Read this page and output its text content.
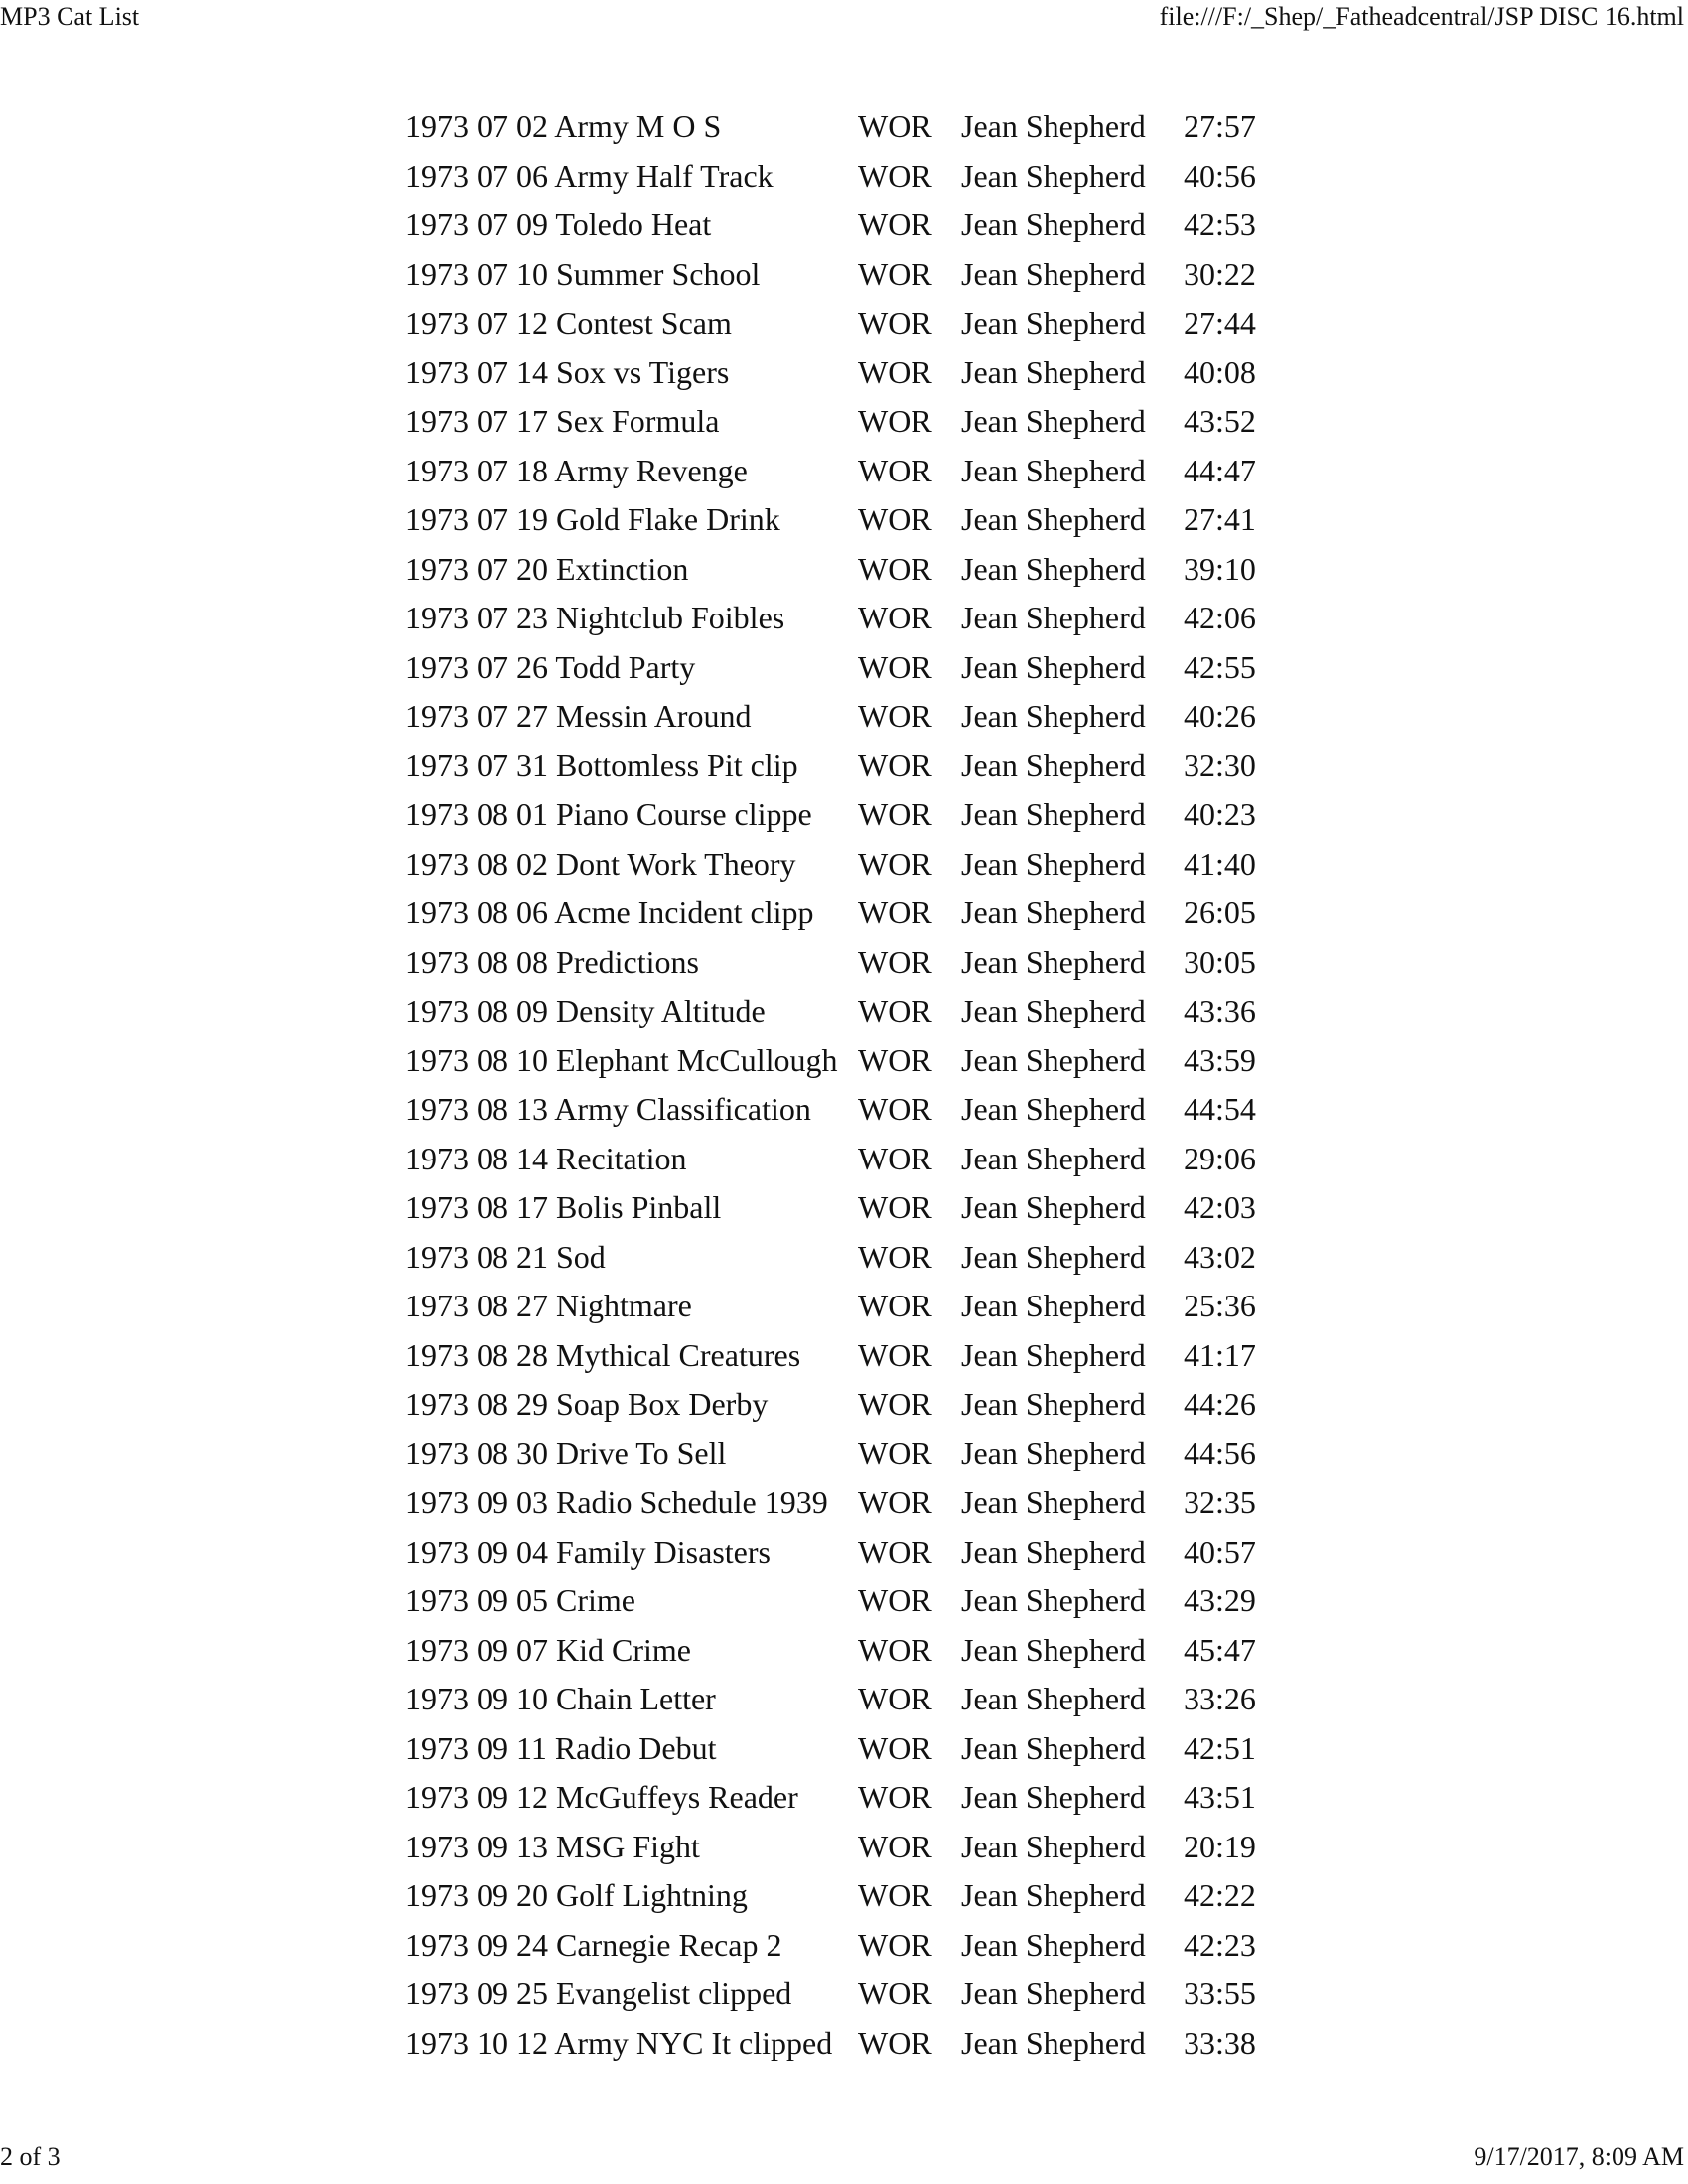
MP3 Cat List	file:///F:/_Shep/_Fatheadcentral/JSP DISC 16.html
1973 07 02 Army M O S	WOR	Jean Shepherd	27:57
1973 07 06 Army Half Track	WOR	Jean Shepherd	40:56
1973 07 09 Toledo Heat	WOR	Jean Shepherd	42:53
1973 07 10 Summer School	WOR	Jean Shepherd	30:22
1973 07 12 Contest Scam	WOR	Jean Shepherd	27:44
1973 07 14 Sox vs Tigers	WOR	Jean Shepherd	40:08
1973 07 17 Sex Formula	WOR	Jean Shepherd	43:52
1973 07 18 Army Revenge	WOR	Jean Shepherd	44:47
1973 07 19 Gold Flake Drink	WOR	Jean Shepherd	27:41
1973 07 20 Extinction	WOR	Jean Shepherd	39:10
1973 07 23 Nightclub Foibles	WOR	Jean Shepherd	42:06
1973 07 26 Todd Party	WOR	Jean Shepherd	42:55
1973 07 27 Messin Around	WOR	Jean Shepherd	40:26
1973 07 31 Bottomless Pit clip	WOR	Jean Shepherd	32:30
1973 08 01 Piano Course clippe	WOR	Jean Shepherd	40:23
1973 08 02 Dont Work Theory	WOR	Jean Shepherd	41:40
1973 08 06 Acme Incident clipp	WOR	Jean Shepherd	26:05
1973 08 08 Predictions	WOR	Jean Shepherd	30:05
1973 08 09 Density Altitude	WOR	Jean Shepherd	43:36
1973 08 10 Elephant McCullough	WOR	Jean Shepherd	43:59
1973 08 13 Army Classification	WOR	Jean Shepherd	44:54
1973 08 14 Recitation	WOR	Jean Shepherd	29:06
1973 08 17 Bolis Pinball	WOR	Jean Shepherd	42:03
1973 08 21 Sod	WOR	Jean Shepherd	43:02
1973 08 27 Nightmare	WOR	Jean Shepherd	25:36
1973 08 28 Mythical Creatures	WOR	Jean Shepherd	41:17
1973 08 29 Soap Box Derby	WOR	Jean Shepherd	44:26
1973 08 30 Drive To Sell	WOR	Jean Shepherd	44:56
1973 09 03 Radio Schedule 1939	WOR	Jean Shepherd	32:35
1973 09 04 Family Disasters	WOR	Jean Shepherd	40:57
1973 09 05 Crime	WOR	Jean Shepherd	43:29
1973 09 07 Kid Crime	WOR	Jean Shepherd	45:47
1973 09 10 Chain Letter	WOR	Jean Shepherd	33:26
1973 09 11 Radio Debut	WOR	Jean Shepherd	42:51
1973 09 12 McGuffeys Reader	WOR	Jean Shepherd	43:51
1973 09 13 MSG Fight	WOR	Jean Shepherd	20:19
1973 09 20 Golf Lightning	WOR	Jean Shepherd	42:22
1973 09 24 Carnegie Recap 2	WOR	Jean Shepherd	42:23
1973 09 25 Evangelist clipped	WOR	Jean Shepherd	33:55
1973 10 12 Army NYC It clipped	WOR	Jean Shepherd	33:38
2 of 3	9/17/2017, 8:09 AM
